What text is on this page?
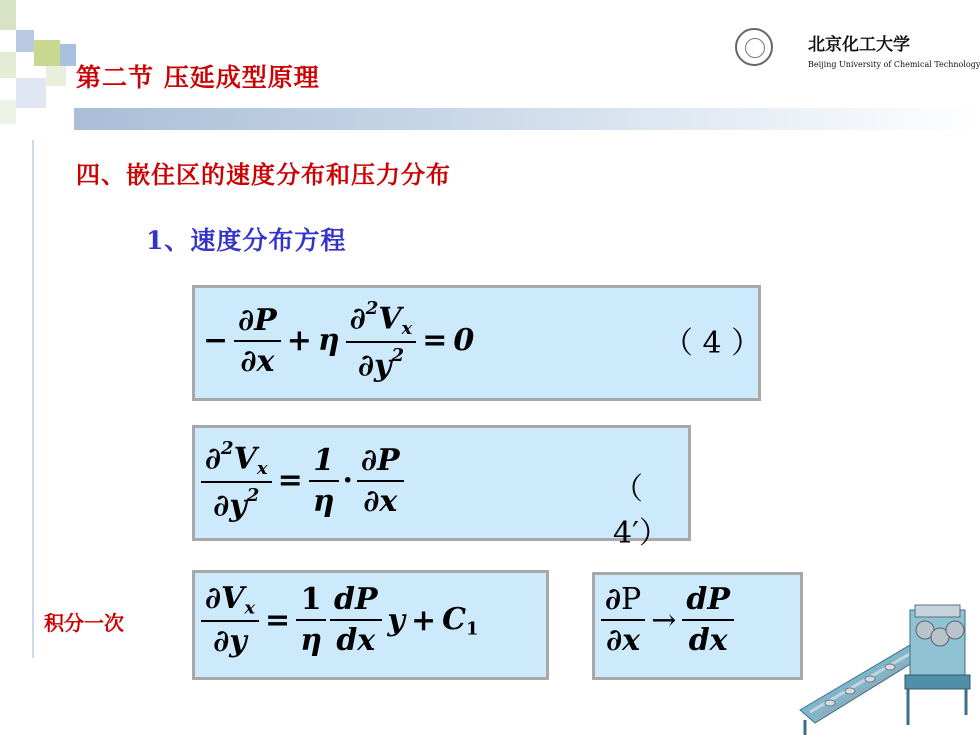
第二节 压延成型原理
北京化工大学
Beijing University of Chemical Technology
四、嵌住区的速度分布和压力分布
1、速度分布方程
− $\frac{\partial P}{\partial x} + \eta \frac{\partial^2V_x}{\partial y^2} = 0$	（ 4 ）
$\frac{\partial^2V_x}{\partial y^2} = \frac{1}{\eta} \cdot \frac{\partial P}{\partial x}$	（ 4′）
积分一次	$\frac{\partial V_x}{\partial y} = \frac{1}{\eta} \frac{dP}{dx}$ $y + C_1$	$\frac{\partial P}{\partial x} \to \frac{dP}{dx}$
